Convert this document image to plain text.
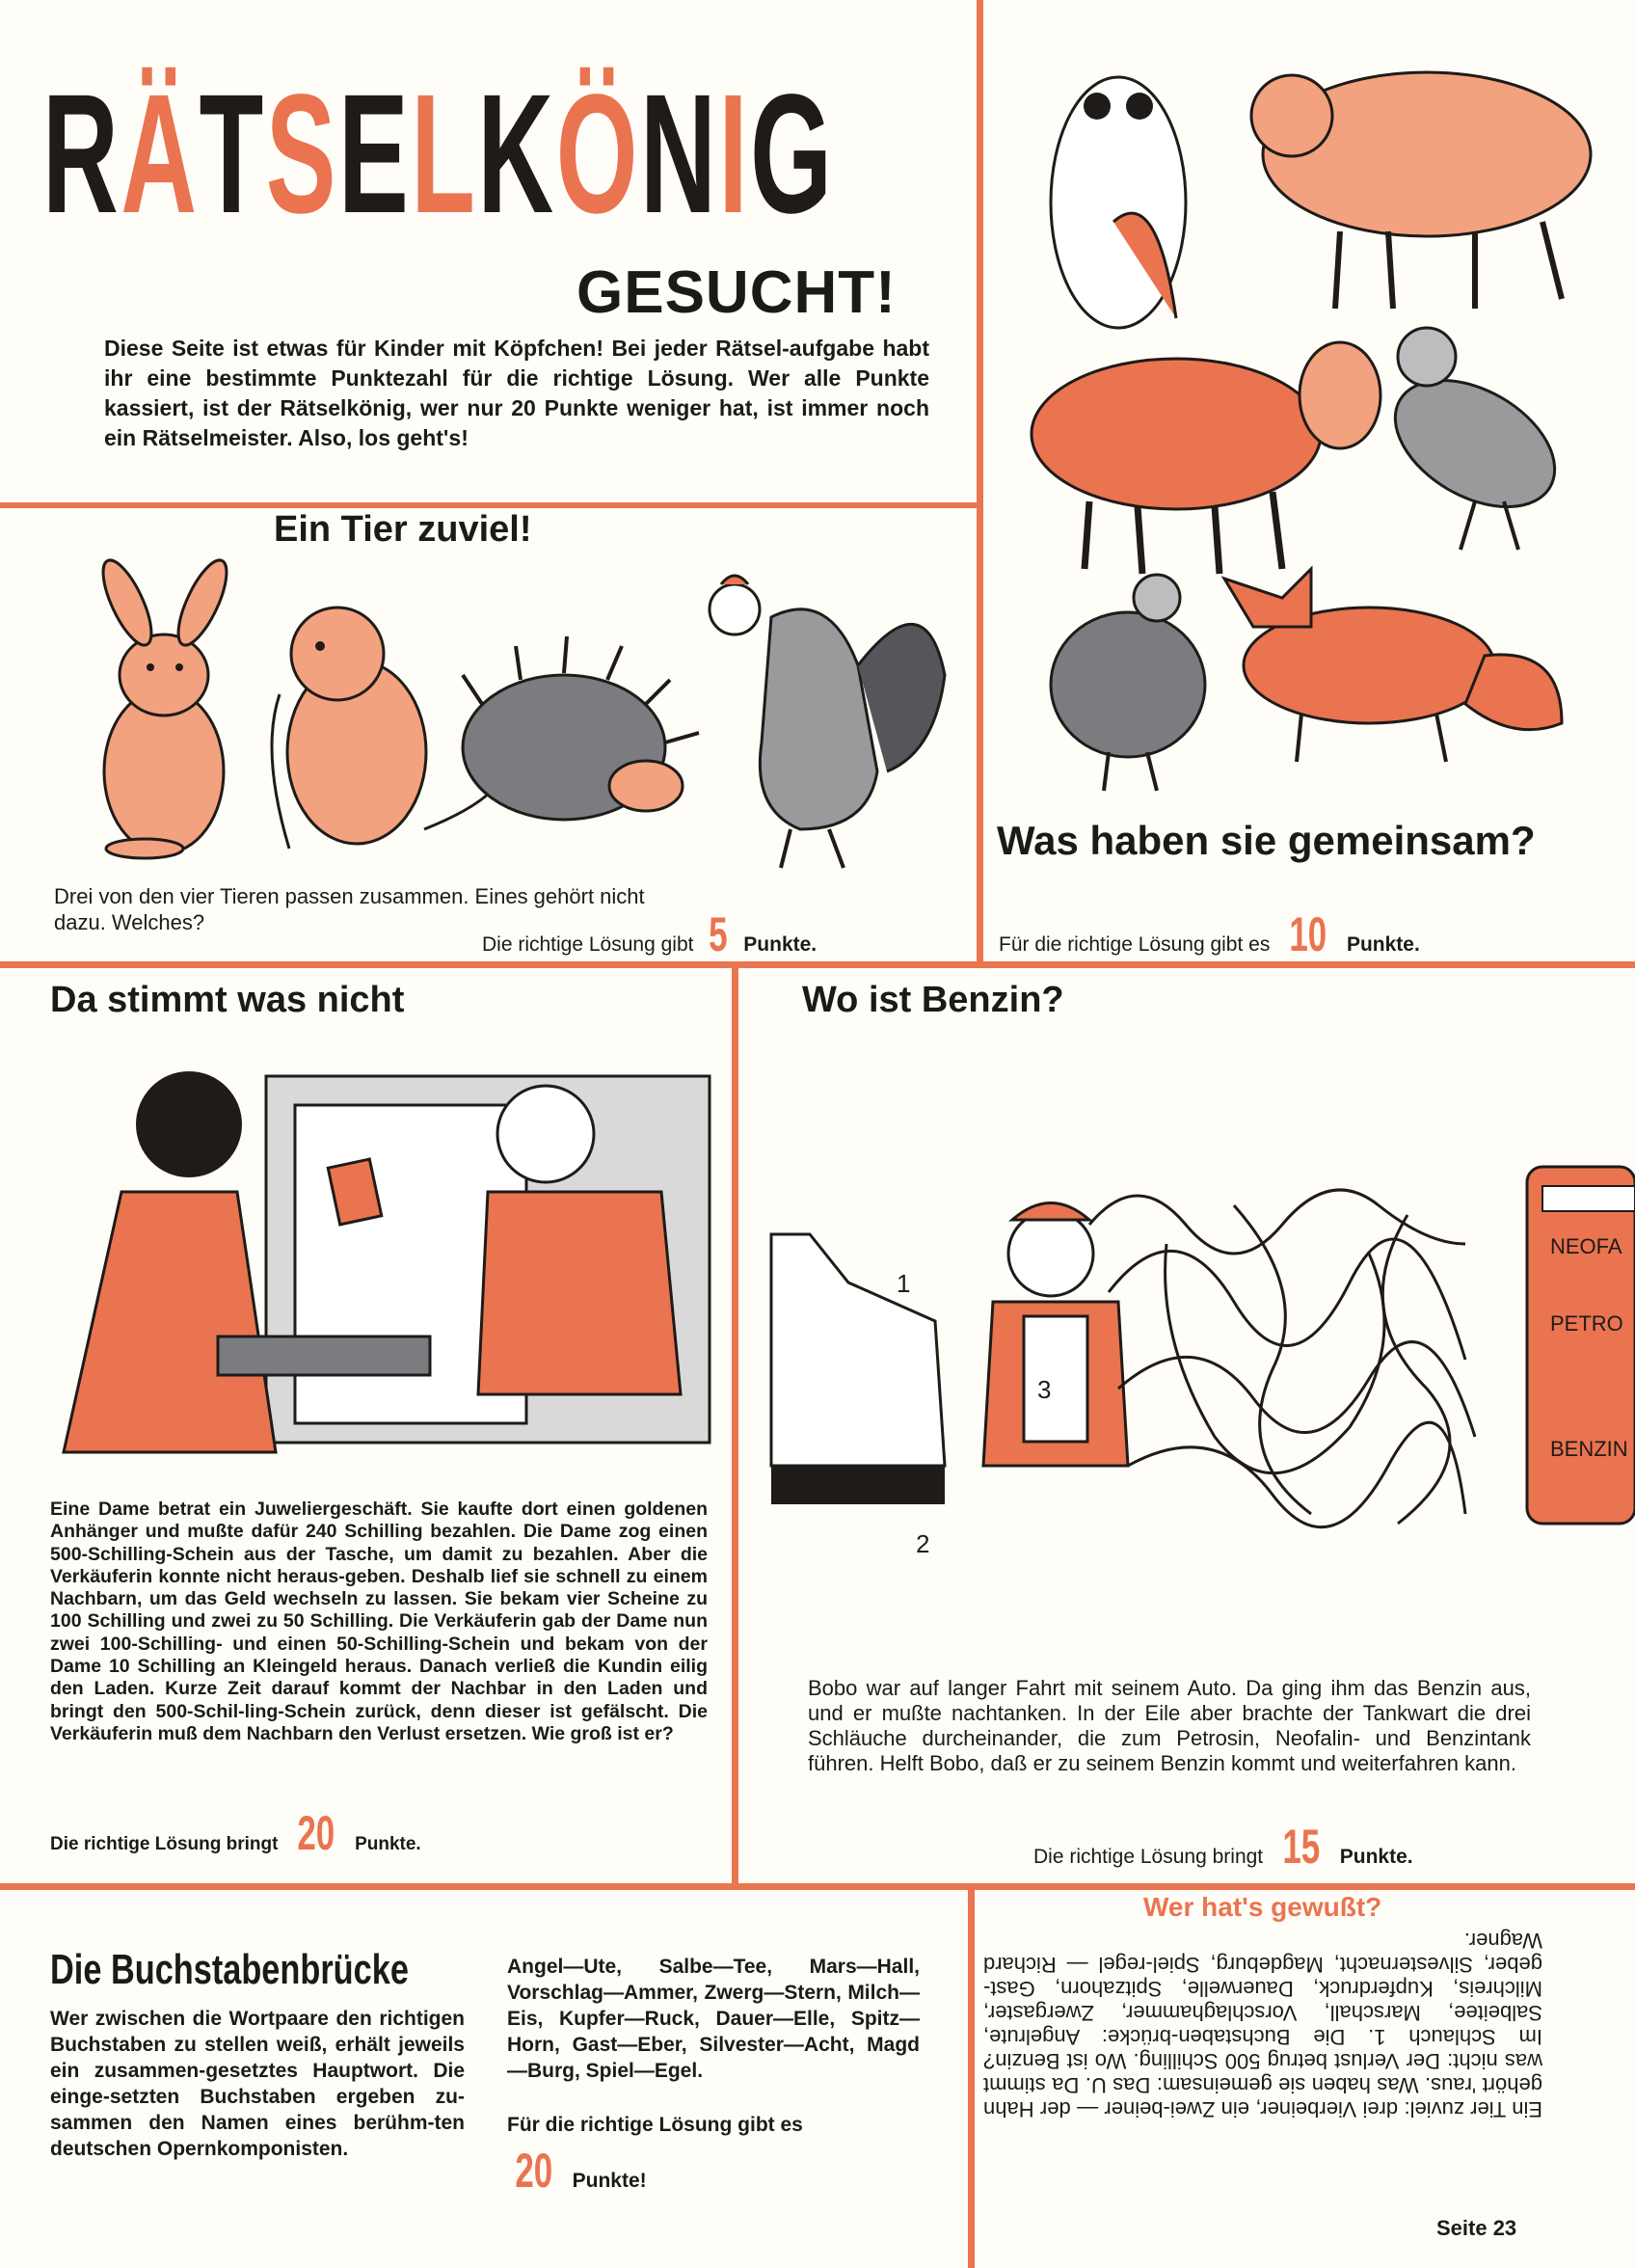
RÄTSELKÖNIG
GESUCHT!
Diese Seite ist etwas für Kinder mit Köpfchen! Bei jeder Rätsel-aufgabe habt ihr eine bestimmte Punktezahl für die richtige Lösung. Wer alle Punkte kassiert, ist der Rätselkönig, wer nur 20 Punkte weniger hat, ist immer noch ein Rätselmeister. Also, los geht's!
Ein Tier zuviel!
Drei von den vier Tieren passen zusammen. Eines gehört nicht dazu. Welches?
Die richtige Lösung gibt 5 Punkte.
Was haben sie gemeinsam?
Für die richtige Lösung gibt es 10 Punkte.
Da stimmt was nicht
Eine Dame betrat ein Juweliergeschäft. Sie kaufte dort einen goldenen Anhänger und mußte dafür 240 Schilling bezahlen. Die Dame zog einen 500-Schilling-Schein aus der Tasche, um damit zu bezahlen. Aber die Verkäuferin konnte nicht heraus-geben. Deshalb lief sie schnell zu einem Nachbarn, um das Geld wechseln zu lassen. Sie bekam vier Scheine zu 100 Schilling und zwei zu 50 Schilling. Die Verkäuferin gab der Dame nun zwei 100-Schilling- und einen 50-Schilling-Schein und bekam von der Dame 10 Schilling an Kleingeld heraus. Danach verließ die Kundin eilig den Laden. Kurze Zeit darauf kommt der Nachbar in den Laden und bringt den 500-Schil-ling-Schein zurück, denn dieser ist gefälscht. Die Verkäuferin muß dem Nachbarn den Verlust ersetzen. Wie groß ist er?
Die richtige Lösung bringt 20 Punkte.
Wo ist Benzin?
NEOFA
PETRO
BENZIN
1
2
3
Bobo war auf langer Fahrt mit seinem Auto. Da ging ihm das Benzin aus, und er mußte nachtanken. In der Eile aber brachte der Tankwart die drei Schläuche durcheinander, die zum Petrosin, Neofalin- und Benzintank führen. Helft Bobo, daß er zu seinem Benzin kommt und weiterfahren kann.
Die richtige Lösung bringt 15 Punkte.
Die Buchstabenbrücke
Wer zwischen die Wortpaare den richtigen Buchstaben zu stellen weiß, erhält jeweils ein zusammen-gesetztes Hauptwort. Die einge-setzten Buchstaben ergeben zu-sammen den Namen eines berühm-ten deutschen Opernkomponisten.
Angel—Ute, Salbe—Tee, Mars—Hall, Vorschlag—Ammer, Zwerg—Stern, Milch—Eis, Kupfer—Ruck, Dauer—Elle, Spitz—Horn, Gast—Eber, Silvester—Acht, Magd—Burg, Spiel—Egel.
Für die richtige Lösung gibt es
20 Punkte!
Wer hat's gewußt?
Ein Tier zuviel: drei Vierbeiner, ein Zwei-beiner — der Hahn gehört 'raus. Was haben sie gemeinsam: Das U. Da stimmt was nicht: Der Verlust betrug 500 Schilling. Wo ist Benzin? Im Schlauch 1. Die Buchstaben-brücke: Angelrute, Salbeitee, Marschall, Vorschlaghammer, Zwergaster, Milchreis, Kupferdruck, Dauerwelle, Spitzahorn, Gast-geber, Silvesternacht, Magdeburg, Spiel-regel — Richard Wagner.
Seite 23
